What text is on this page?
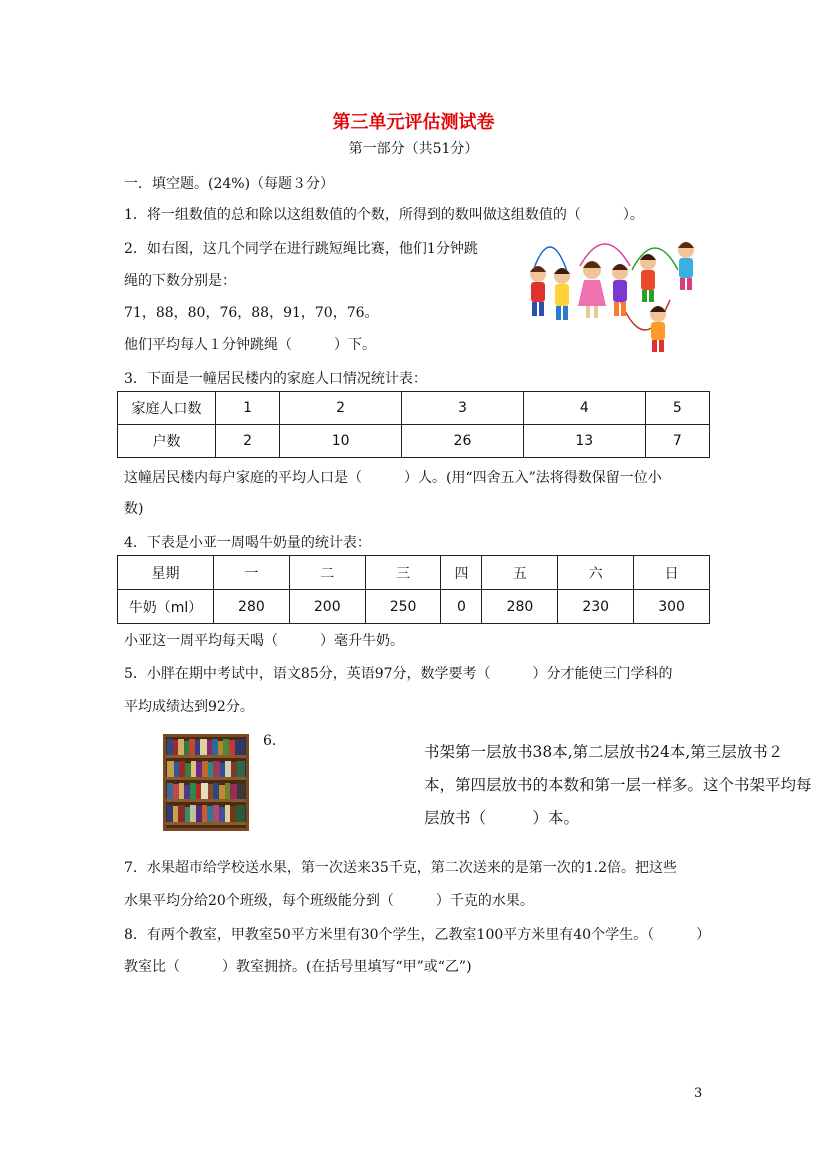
第三单元评估测试卷
第一部分（共51分）
一．填空题。(24%)（每题３分）
1．将一组数值的总和除以这组数值的个数，所得到的数叫做这组数值的（　　　）。
2．如右图，这几个同学在进行跳短绳比赛，他们1分钟跳
绳的下数分别是：
71，88，80，76，88，91，70，76。
他们平均每人１分钟跳绳（　　　）下。
3．下面是一幢居民楼内的家庭人口情况统计表：
家庭人口数	1	2	3	4	5
户数	2	10	26	13	7
这幢居民楼内每户家庭的平均人口是（　　　）人。(用“四舍五入”法将得数保留一位小
数)
4．下表是小亚一周喝牛奶量的统计表：
星期	一	二	三	四	五	六	日
牛奶（ml）	280	200	250	0	280	230	300
小亚这一周平均每天喝（　　　）毫升牛奶。
5．小胖在期中考试中，语文85分，英语97分，数学要考（　　　）分才能使三门学科的
平均成绩达到92分。
6．
书架第一层放书38本,第二层放书24本,第三层放书２
本，第四层放书的本数和第一层一样多。这个书架平均每
层放书（　　　）本。
7．水果超市给学校送水果，第一次送来35千克，第二次送来的是第一次的1.2倍。把这些
水果平均分给20个班级，每个班级能分到（　　　）千克的水果。
8．有两个教室，甲教室50平方米里有30个学生，乙教室100平方米里有40个学生。（　　　）
教室比（　　　）教室拥挤。(在括号里填写“甲”或“乙”)
3
